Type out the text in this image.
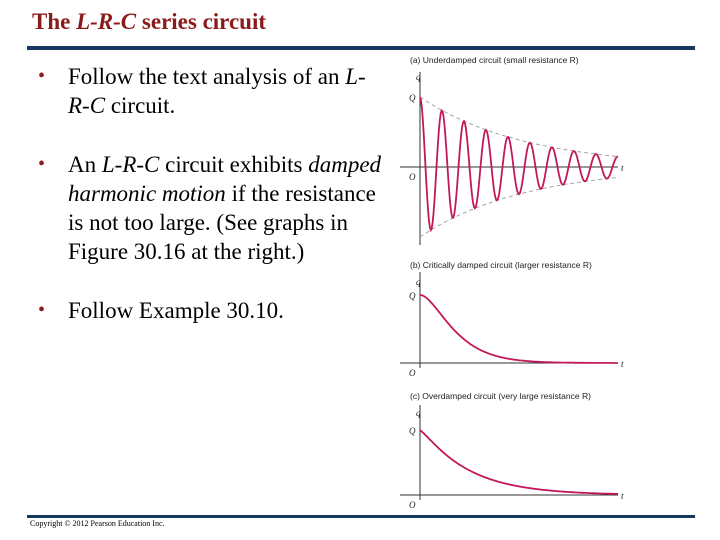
The L-R-C series circuit
• Follow the text analysis of an L-R-C circuit.
• An L-R-C circuit exhibits damped harmonic motion if the resistance is not too large. (See graphs in Figure 30.16 at the right.)
• Follow Example 30.10.
(a) Underdamped circuit (small resistance R)
q
Q
O
t
(b) Critically damped circuit (larger resistance R)
q
Q
O
t
(c) Overdamped circuit (very large resistance R)
q
Q
O
t
Copyright © 2012 Pearson Education Inc.
